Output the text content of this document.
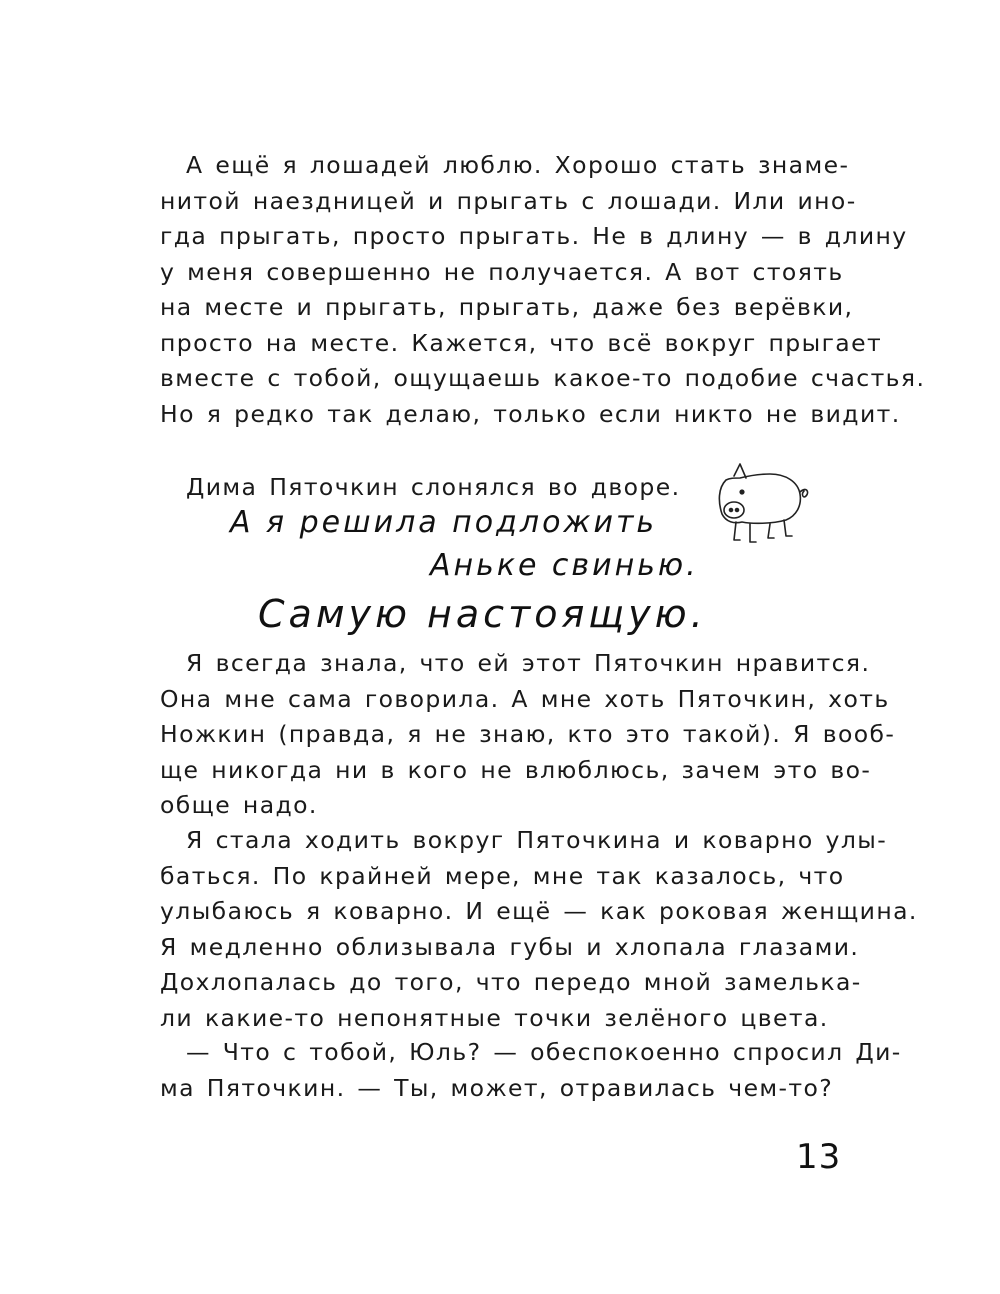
А ещё я лошадей люблю. Хорошо стать знаме-
нитой наездницей и прыгать с лошади. Или ино-
гда прыгать, просто прыгать. Не в длину — в длину
у меня совершенно не получается. А вот стоять
на месте и прыгать, прыгать, даже без верёвки,
просто на месте. Кажется, что всё вокруг прыгает
вместе с тобой, ощущаешь какое-то подобие счастья.
Но я редко так делаю, только если никто не видит.
Дима Пяточкин слонялся во дворе.
А я решила подложить
Аньке свинью.
Самую настоящую.
Я всегда знала, что ей этот Пяточкин нравится.
Она мне сама говорила. А мне хоть Пяточкин, хоть
Ножкин (правда, я не знаю, кто это такой). Я вооб-
ще никогда ни в кого не влюблюсь, зачем это во-
обще надо.
Я стала ходить вокруг Пяточкина и коварно улы-
баться. По крайней мере, мне так казалось, что
улыбаюсь я коварно. И ещё — как роковая женщина.
Я медленно облизывала губы и хлопала глазами.
Дохлопалась до того, что передо мной замелька-
ли какие-то непонятные точки зелёного цвета.
— Что с тобой, Юль? — обеспокоенно спросил Ди-
ма Пяточкин. — Ты, может, отравилась чем-то?
13
